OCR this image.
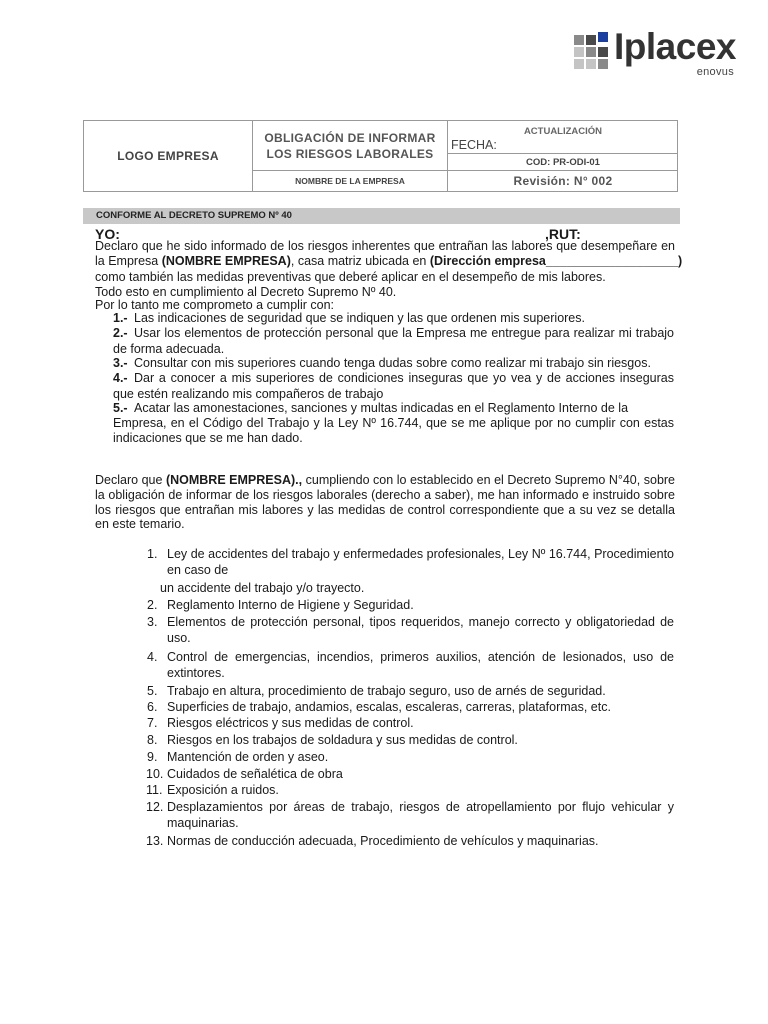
Iplacex
enovus
LOGO EMPRESA
OBLIGACIÓN DE INFORMAR LOS RIESGOS LABORALES
NOMBRE DE LA EMPRESA
ACTUALIZACIÓN
FECHA:
COD: PR-ODI-01
Revisión: N° 002
CONFORME AL DECRETO SUPREMO Nº 40
YO:	,RUT:
Declaro que he sido informado de los riesgos inherentes que entrañan las labores que desempeñare en
la Empresa (NOMBRE EMPRESA), casa matriz ubicada en (Dirección empresa___________________)
como también las medidas preventivas que deberé aplicar en el desempeño de mis labores.
Todo esto en cumplimiento al Decreto Supremo Nº 40.
Por lo tanto me comprometo a cumplir con:
1.- Las indicaciones de seguridad que se indiquen y las que ordenen mis superiores.
2.- Usar los elementos de protección personal que la Empresa me entregue para realizar mi trabajo
de forma adecuada.
3.- Consultar con mis superiores cuando tenga dudas sobre como realizar mi trabajo sin riesgos.
4.- Dar a conocer a mis superiores de condiciones inseguras que yo vea y de acciones inseguras
que estén realizando mis compañeros de trabajo
5.- Acatar las amonestaciones, sanciones y multas indicadas en el Reglamento Interno de la
Empresa, en el Código del Trabajo y la Ley Nº 16.744, que se me aplique por no cumplir con estas
indicaciones que se me han dado.
Declaro que (NOMBRE EMPRESA)., cumpliendo con lo establecido en el Decreto Supremo N°40, sobre
la obligación de informar de los riesgos laborales (derecho a saber), me han informado e instruido sobre
los riesgos que entrañan mis labores y las medidas de control correspondiente que a su vez se detalla
en este temario.
1. Ley de accidentes del trabajo y enfermedades profesionales, Ley Nº 16.744, Procedimiento
en caso de
un accidente del trabajo y/o trayecto.
2. Reglamento Interno de Higiene y Seguridad.
3. Elementos de protección personal, tipos requeridos, manejo correcto y obligatoriedad de
uso.
4. Control de emergencias, incendios, primeros auxilios, atención de lesionados, uso de
extintores.
5. Trabajo en altura, procedimiento de trabajo seguro, uso de arnés de seguridad.
6. Superficies de trabajo, andamios, escalas, escaleras, carreras, plataformas, etc.
7. Riesgos eléctricos y sus medidas de control.
8. Riesgos en los trabajos de soldadura y sus medidas de control.
9. Mantención de orden y aseo.
10. Cuidados de señalética de obra
11. Exposición a ruidos.
12. Desplazamientos por áreas de trabajo, riesgos de atropellamiento por flujo vehicular y
maquinarias.
13. Normas de conducción adecuada, Procedimiento de vehículos y maquinarias.
